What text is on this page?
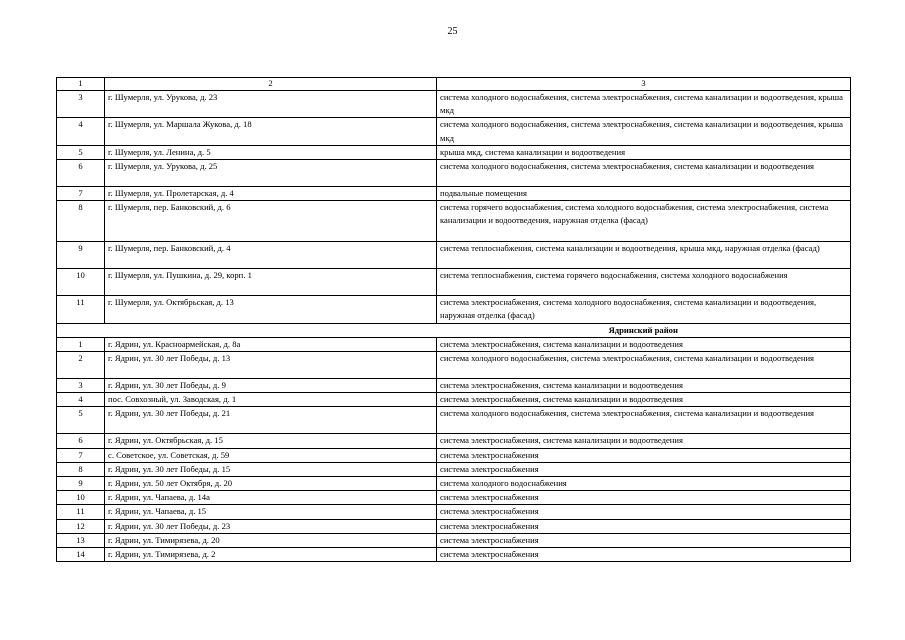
25
1	2	3
3	г. Шумерля, ул. Урукова, д. 23	система холодного водоснабжения, система электроснабжения, система канализации и водоотведения, крыша мкд
4	г. Шумерля, ул. Маршала Жукова, д. 18	система холодного водоснабжения, система электроснабжения, система канализации и водоотведения, крыша мкд
5	г. Шумерля, ул. Ленина, д. 5	крыша мкд, система канализации и водоотведения
6	г. Шумерля, ул. Урукова, д. 25	система холодного водоснабжения, система электроснабжения, система канализации и водоотведения
7	г. Шумерля, ул. Пролетарская, д. 4	подвальные помещения
8	г. Шумерля, пер. Банковский, д. 6	система горячего водоснабжения, система холодного водоснабжения, система электроснабжения, система канализации и водоотведения, наружная отделка (фасад)
9	г. Шумерля, пер. Банковский, д. 4	система теплоснабжения, система канализации и водоотведения, крыша мкд, наружная отделка (фасад)
10	г. Шумерля, ул. Пушкина, д. 29, корп. 1	система теплоснабжения, система горячего водоснабжения, система холодного водоснабжения
11	г. Шумерля, ул. Октябрьская, д. 13	система электроснабжения, система холодного водоснабжения, система канализации и водоотведения, наружная отделка (фасад)
		Ядринский район
1	г. Ядрин, ул. Красноармейская, д. 8а	система электроснабжения, система канализации и водоотведения
2	г. Ядрин, ул. 30 лет Победы, д. 13	система холодного водоснабжения, система электроснабжения, система канализации и водоотведения
3	г. Ядрин, ул. 30 лет Победы, д. 9	система электроснабжения, система канализации и водоотведения
4	пос. Совхозный, ул. Заводская, д. 1	система электроснабжения, система канализации и водоотведения
5	г. Ядрин, ул. 30 лет Победы, д. 21	система холодного водоснабжения, система электроснабжения, система канализации и водоотведения
6	г. Ядрин, ул. Октябрьская, д. 15	система электроснабжения, система канализации и водоотведения
7	с. Советское, ул. Советская, д. 59	система электроснабжения
8	г. Ядрин, ул. 30 лет Победы, д. 15	система электроснабжения
9	г. Ядрин, ул. 50 лет Октября, д. 20	система холодного водоснабжения
10	г. Ядрин, ул. Чапаева, д. 14а	система электроснабжения
11	г. Ядрин, ул. Чапаева, д. 15	система электроснабжения
12	г. Ядрин, ул. 30 лет Победы, д. 23	система электроснабжения
13	г. Ядрин, ул. Тимирязева, д. 20	система электроснабжения
14	г. Ядрин, ул. Тимирязева, д. 2	система электроснабжения
